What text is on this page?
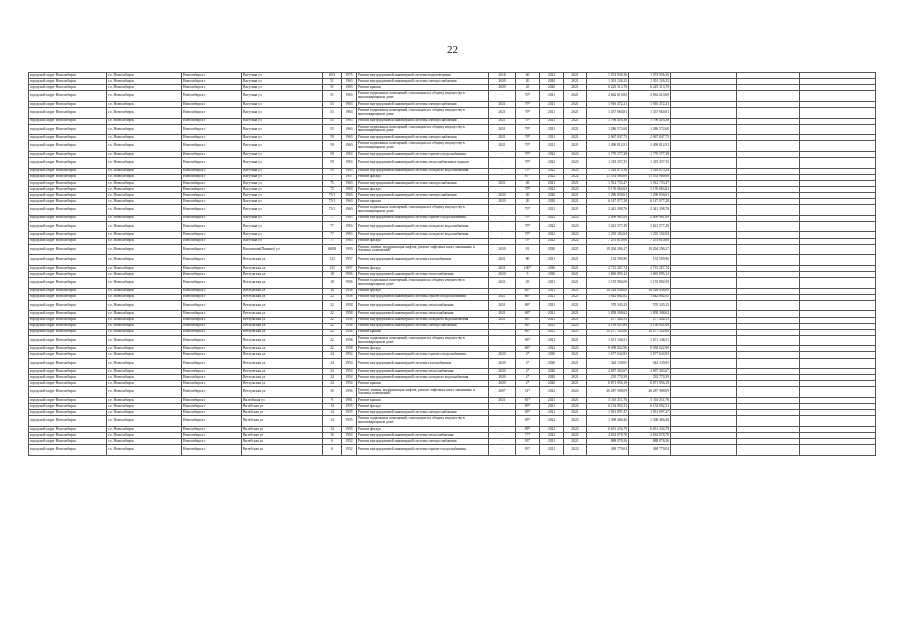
22
городской округ Новосибирск	г.о. Новосибирск	Новосибирск г	Вагутина ул	49/3	1975	Ремонт внутридомовой инженерной системы водоотведения	2018	60	2021	2021	1 074 936,36	1 074 936,36			
городской округ Новосибирск	г.о. Новосибирск	Новосибирск г	Вагутина ул	51	1963	Ремонт внутридомовой инженерной системы электроснабжения	2020	20	2020	2021	1 301 126,32	1 301 126,32			
городской округ Новосибирск	г.о. Новосибирск	Новосибирск г	Вагутина ул	51	1963	Ремонт крыши	2020	45	2020	2021	6 225 313,78	6 225 313,78			
городской округ Новосибирск	г.о. Новосибирск	Новосибирск г	Вагутина ул	51	1963	Ремонт подвальных помещений, относящихся к общему имуществу в многоквартирном доме	-	70*	2021	2021	2 662 610,60	2 662 610,60			
городской округ Новосибирск	г.о. Новосибирск	Новосибирск г	Вагутина ул	53	1963	Ремонт внутридомовой инженерной системы электроснабжения	2021	79*	2021	2021	1 916 472,21	1 916 472,21			
городской округ Новосибирск	г.о. Новосибирск	Новосибирск г	Вагутина ул	53	1963	Ремонт подвальных помещений, относящихся к общему имуществу в многоквартирном доме	2021	79*	2021	2021	1 357 660,81	1 357 660,81			
городской округ Новосибирск	г.о. Новосибирск	Новосибирск г	Вагутина ул	55	1963	Ремонт внутридомовой инженерной системы электроснабжения	2021	79*	2021	2021	1 796 416,38	1 796 416,38			
городской округ Новосибирск	г.о. Новосибирск	Новосибирск г	Вагутина ул	55	1963	Ремонт подвальных помещений, относящихся к общему имуществу в многоквартирном доме	2021	79*	2021	2021	1 286 572,60	1 286 572,60			
городской округ Новосибирск	г.о. Новосибирск	Новосибирск г	Вагутина ул	59	1963	Ремонт внутридомовой инженерной системы электроснабжения	2021	79*	2021	2021	2 067 847,73	2 067 847,73			
городской округ Новосибирск	г.о. Новосибирск	Новосибирск г	Вагутина ул	59	1963	Ремонт подвальных помещений, относящихся к общему имуществу в многоквартирном доме	2021	79*	2021	2021	1 490 812,91	1 490 812,91			
городской округ Новосибирск	г.о. Новосибирск	Новосибирск г	Вагутина ул	59	1963	Ремонт внутридомовой инженерной системы горячего водоснабжения	-	79*	2022	2022	1 770 577,38	1 770 577,38			
городской округ Новосибирск	г.о. Новосибирск	Новосибирск г	Вагутина ул	59	1963	Ремонт внутридомовой инженерной системы теплоснабжения в подвале	-	79*	2022	2022	1 319 357,35	1 319 357,35			
городской округ Новосибирск	г.о. Новосибирск	Новосибирск г	Вагутина ул	59	1963	Ремонт внутридомовой инженерной системы холодного водоснабжения	-	79*	2022	2022	1 318 875,34	1 318 875,34			
городской округ Новосибирск	г.о. Новосибирск	Новосибирск г	Вагутина ул	7	1957	Ремонт фасада	-	87*	2022	2022	11 553 900,00	11 553 900,00			
городской округ Новосибирск	г.о. Новосибирск	Новосибирск г	Вагутина ул	75	1963	Ремонт внутридомовой инженерной системы электроснабжения	2021	20	2021	2021	1 912 733,47	1 912 733,47			
городской округ Новосибирск	г.о. Новосибирск	Новосибирск г	Вагутина ул	75	1963	Ремонт фасада	-	79*	2022	2022	5 176 064,62	5 176 064,62			
городской округ Новосибирск	г.о. Новосибирск	Новосибирск г	Вагутина ул	75/1	1963	Ремонт внутридомовой инженерной системы электроснабжения	2020	50	2020	2021	1 296 830,61	1 296 830,61			
городской округ Новосибирск	г.о. Новосибирск	Новосибирск г	Вагутина ул	75/1	1963	Ремонт крыши	2020	20	2020	2021	6 147 077,28	6 147 077,28			
городской округ Новосибирск	г.о. Новосибирск	Новосибирск г	Вагутина ул	75/1	1963	Ремонт подвальных помещений, относящихся к общему имуществу в многоквартирном доме	-	79*	2021	2021	2 441 298,76	2 441 298,76			
городской округ Новосибирск	г.о. Новосибирск	Новосибирск г	Вагутина ул	77	1963	Ремонт внутридомовой инженерной системы горячего водоснабжения	-	79*	2022	2022	2 009 961,09	2 009 961,09			
городской округ Новосибирск	г.о. Новосибирск	Новосибирск г	Вагутина ул	77	1963	Ремонт внутридомовой инженерной системы холодного водоснабжения	-	79*	2022	2022	1 621 577,49	1 621 577,49			
городской округ Новосибирск	г.о. Новосибирск	Новосибирск г	Вагутина ул	77	1963	Ремонт внутридомовой инженерной системы холодного водоснабжения	-	79*	2022	2022	1 235 102,04	1 235 102,04			
городской округ Новосибирск	г.о. Новосибирск	Новосибирск г	Вагутина ул	77	1963	Ремонт фасада	-	79*	2022	2022	7 251 610,00	7 251 610,00			
городской округ Новосибирск	г.о. Новосибирск	Новосибирск г	Вахтангова(Пашино) ул	68/08	1993	Ремонт, замена, модернизация лифтов, ремонт лифтовых шахт, машинных и блочных помещений	2020	81	2020	2021	19 204 296,27	19 204 296,27			
городской округ Новосибирск	г.о. Новосибирск	Новосибирск г	Ветлужская ул	123	1957	Ремонт внутридомовой инженерной системы газоснабжения	2021	80	2021	2021	152 590,96	152 590,96			
городской округ Новосибирск	г.о. Новосибирск	Новосибирск г	Ветлужская ул	123	1957	Ремонт фасада	2021	100*	2020	2021	2 715 267,74	2 715 267,74			
городской округ Новосибирск	г.о. Новосибирск	Новосибирск г	Ветлужская ул	18	1956	Ремонт внутридомовой инженерной системы теплоснабжения	2020	5	2020	2021	1 865 895,12	1 865 895,12			
городской округ Новосибирск	г.о. Новосибирск	Новосибирск г	Ветлужская ул	18	1956	Ремонт подвальных помещений, относящихся к общему имуществу в многоквартирном доме	2021	45	2021	2021	1 155 982,69	1 155 982,69			
городской округ Новосибирск	г.о. Новосибирск	Новосибирск г	Ветлужская ул	18	1956	Ремонт фасада	-	86*	2021	2021	16 526 938,00	16 526 938,00			
городской округ Новосибирск	г.о. Новосибирск	Новосибирск г	Ветлужская ул	22	1958	Ремонт внутридомовой инженерной системы горячего водоснабжения	2021	86*	2021	2021	1 842 882,82	1 842 882,82			
городской округ Новосибирск	г.о. Новосибирск	Новосибирск г	Ветлужская ул	22	1958	Ремонт внутридомовой инженерной системы теплоснабжения	2021	86*	2021	2021	570 345,25	570 345,25			
городской округ Новосибирск	г.о. Новосибирск	Новосибирск г	Ветлужская ул	22	1958	Ремонт внутридомовой инженерной системы теплоснабжения	2021	86*	2021	2021	1 858 308,62	1 858 308,62			
городской округ Новосибирск	г.о. Новосибирск	Новосибирск г	Ветлужская ул	22	1958	Ремонт внутридомовой инженерной системы холодного водоснабжения	2021	86*	2021	2021	277 262,55	277 262,55			
городской округ Новосибирск	г.о. Новосибирск	Новосибирск г	Ветлужская ул	22	1958	Ремонт внутридомовой инженерной системы электроснабжения	-	86*	2021	2022	2 150 921,69	2 150 921,69			
городской округ Новосибирск	г.о. Новосибирск	Новосибирск г	Ветлужская ул	22	1958	Ремонт крыши	-	86*	2021	2021	10 277 122,00	10 277 122,00			
городской округ Новосибирск	г.о. Новосибирск	Новосибирск г	Ветлужская ул	22	1958	Ремонт подвальных помещений, относящихся к общему имуществу в многоквартирном доме	-	86*	2021	2021	1 671 146,51	1 671 146,51			
городской округ Новосибирск	г.о. Новосибирск	Новосибирск г	Ветлужская ул	22	1958	Ремонт фасада	-	86*	2022	2022	8 058 022,90	8 058 022,90			
городской округ Новосибирск	г.о. Новосибирск	Новосибирск г	Ветлужская ул	24	1954	Ремонт внутридомовой инженерной системы горячего водоснабжения	2020	2*	2020	2021	1 677 634,93	1 677 634,93			
городской округ Новосибирск	г.о. Новосибирск	Новосибирск г	Ветлужская ул	24	1954	Ремонт внутридомовой инженерной системы газоснабжения	2020	2*	2020	2021	344 139,05	344 139,05			
городской округ Новосибирск	г.о. Новосибирск	Новосибирск г	Ветлужская ул	24	1954	Ремонт внутридомовой инженерной системы теплоснабжения	2020	2*	2020	2021	2 697 363,67	2 697 363,67			
городской округ Новосибирск	г.о. Новосибирск	Новосибирск г	Ветлужская ул	24	1954	Ремонт внутридомовой инженерной системы холодного водоснабжения	2020	2*	2020	2021	235 770,39	235 770,39			
городской округ Новосибирск	г.о. Новосибирск	Новосибирск г	Ветлужская ул	24	1954	Ремонт крыши	2020	2*	2020	2021	6 871 956,19	6 871 956,19			
городской округ Новосибирск	г.о. Новосибирск	Новосибирск г	Ветлужская ул	30	1996	Ремонт, замена, модернизация лифтов, ремонт лифтовых шахт, машинных и блочных помещений	2007	51*	2022	2022	26 287 908,09	26 287 908,09			
городской округ Новосибирск	г.о. Новосибирск	Новосибирск г	Вилюйская ул	9	1961	Ремонт крыши	2021	81*	2021	2021	5 116 311,76	5 116 311,76			
городской округ Новосибирск	г.о. Новосибирск	Новосибирск г	Витебская ул	14	1955	Ремонт фасада	-	89*	2021	2022	6 154 092,31	6 154 092,31			
городской округ Новосибирск	г.о. Новосибирск	Новосибирск г	Витебская ул	14	1955	Ремонт внутридомовой инженерной системы электроснабжения	-	89*	2021	2021	1 951 897,47	1 951 897,47			
городской округ Новосибирск	г.о. Новосибирск	Новосибирск г	Витебская ул	14	1955	Ремонт подвальных помещений, относящихся к общему имуществу в многоквартирном доме	-	89*	2022	2022	1 308 466,46	1 308 466,46			
городской округ Новосибирск	г.о. Новосибирск	Новосибирск г	Витебская ул	14	1955	Ремонт фасада	-	89*	2022	2022	6 651 234,79	6 651 234,79			
городской округ Новосибирск	г.о. Новосибирск	Новосибирск г	Витебская ул	16	1954	Ремонт внутридомовой инженерной системы теплоснабжения	-	77*	2022	2022	4 634 078,78	4 634 078,78			
городской округ Новосибирск	г.о. Новосибирск	Новосибирск г	Витебская ул	6	1952	Ремонт внутридомовой инженерной системы электроснабжения	-	93*	2021	2021	888 076,56	888 076,56			
городской округ Новосибирск	г.о. Новосибирск	Новосибирск г	Витебская ул	6	1952	Ремонт внутридомовой инженерной системы горячего водоснабжения	-	93*	2021	2022	369 779,04	369 779,04			
